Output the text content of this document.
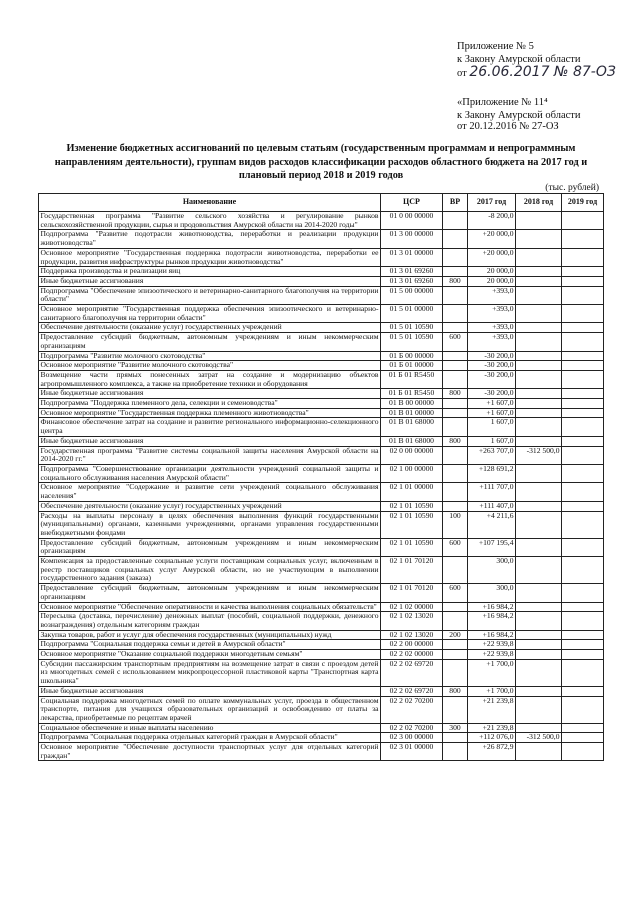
Приложение № 5
к Закону Амурской области
от 26.06.2017 № 87-ОЗ
«Приложение № 11⁴
к Закону Амурской области
от 20.12.2016 № 27-ОЗ
Изменение бюджетных ассигнований по целевым статьям (государственным программам и непрограммным направлениям деятельности), группам видов расходов классификации расходов областного бюджета на 2017 год и плановый период 2018 и 2019 годов
(тыс. рублей)
Наименование	ЦСР	ВР	2017 год	2018 год	2019 год
Государственная программа "Развитие сельского хозяйства и регулирование рынков сельскохозяйственной продукции, сырья и продовольствия Амурской области на 2014-2020 годы"	01 0 00 00000		-8 200,0		
Подпрограмма "Развитие подотрасли животноводства, переработки и реализации продукции животноводства"	01 3 00 00000		+20 000,0		
Основное мероприятие "Государственная поддержка подотрасли животноводства, переработки ее продукции, развития инфраструктуры рынков продукции животноводства"	01 3 01 00000		+20 000,0		
Поддержка производства и реализации яиц	01 3 01 69260		20 000,0		
Иные бюджетные ассигнования	01 3 01 69260	800	20 000,0		
Подпрограмма "Обеспечение эпизоотического и ветеринарно-санитарного благополучия на территории области"	01 5 00 00000		+393,0		
Основное мероприятие "Государственная поддержка обеспечения эпизоотического и ветеринарно-санитарного благополучия на территории области"	01 5 01 00000		+393,0		
Обеспечение деятельности (оказание услуг) государственных учреждений	01 5 01 10590		+393,0		
Предоставление субсидий бюджетным, автономным учреждениям и иным некоммерческим организациям	01 5 01 10590	600	+393,0		
Подпрограмма "Развитие молочного скотоводства"	01 Б 00 00000		-30 200,0		
Основное мероприятие "Развитие молочного скотоводства"	01 Б 01 00000		-30 200,0		
Возмещение части прямых понесенных затрат на создание и модернизацию объектов агропромышленного комплекса, а также на приобретение техники и оборудования	01 Б 01 R5450		-30 200,0		
Иные бюджетные ассигнования	01 Б 01 R5450	800	-30 200,0		
Подпрограмма "Поддержка племенного дела, селекции и семеноводства"	01 В 00 00000		+1 607,0		
Основное мероприятие "Государственная поддержка племенного животноводства"	01 В 01 00000		+1 607,0		
Финансовое обеспечение затрат на создание и развитие регионального информационно-селекционного центра	01 В 01 68000		1 607,0		
Иные бюджетные ассигнования	01 В 01 68000	800	1 607,0		
Государственная программа "Развитие системы социальной защиты населения Амурской области на 2014-2020 гг."	02 0 00 00000		+263 707,0	-312 500,0	
Подпрограмма "Совершенствование организации деятельности учреждений социальной защиты и социального обслуживания населения Амурской области"	02 1 00 00000		+128 691,2		
Основное мероприятие "Содержание и развитие сети учреждений социального обслуживания населения"	02 1 01 00000		+111 707,0		
Обеспечение деятельности (оказание услуг) государственных учреждений	02 1 01 10590		+111 407,0		
Расходы на выплаты персоналу в целях обеспечения выполнения функций государственными (муниципальными) органами, казенными учреждениями, органами управления государственными внебюджетными фондами	02 1 01 10590	100	+4 211,6		
Предоставление субсидий бюджетным, автономным учреждениям и иным некоммерческим организациям	02 1 01 10590	600	+107 195,4		
Компенсация за предоставленные социальные услуги поставщикам социальных услуг, включенным в реестр поставщиков социальных услуг Амурской области, но не участвующим в выполнении государственного задания (заказа)	02 1 01 70120		300,0		
Предоставление субсидий бюджетным, автономным учреждениям и иным некоммерческим организациям	02 1 01 70120	600	300,0		
Основное мероприятие "Обеспечение оперативности и качества выполнения социальных обязательств"	02 1 02 00000		+16 984,2		
Пересылка (доставка, перечисление) денежных выплат (пособий, социальной поддержки, денежного вознаграждения) отдельным категориям граждан	02 1 02 13020		+16 984,2		
Закупка товаров, работ и услуг для обеспечения государственных (муниципальных) нужд	02 1 02 13020	200	+16 984,2		
Подпрограмма "Социальная поддержка семьи и детей в Амурской области"	02 2 00 00000		+22 939,8		
Основное мероприятие "Оказание социальной поддержки многодетным семьям"	02 2 02 00000		+22 939,8		
Субсидии пассажирским транспортным предприятиям на возмещение затрат в связи с проездом детей из многодетных семей с использованием микропроцессорной пластиковой карты "Транспортная карта школьника"	02 2 02 69720		+1 700,0		
Иные бюджетные ассигнования	02 2 02 69720	800	+1 700,0		
Социальная поддержка многодетных семей по оплате коммунальных услуг, проезда в общественном транспорте, питания для учащихся образовательных организаций и освобождению от платы за лекарства, приобретаемые по рецептам врачей	02 2 02 70200		+21 239,8		
Социальное обеспечение и иные выплаты населению	02 2 02 70200	300	+21 239,8		
Подпрограмма "Социальная поддержка отдельных категорий граждан в Амурской области"	02 3 00 00000		+112 076,0	-312 500,0	
Основное мероприятие "Обеспечение доступности транспортных услуг для отдельных категорий граждан"	02 3 01 00000		+26 872,9		
